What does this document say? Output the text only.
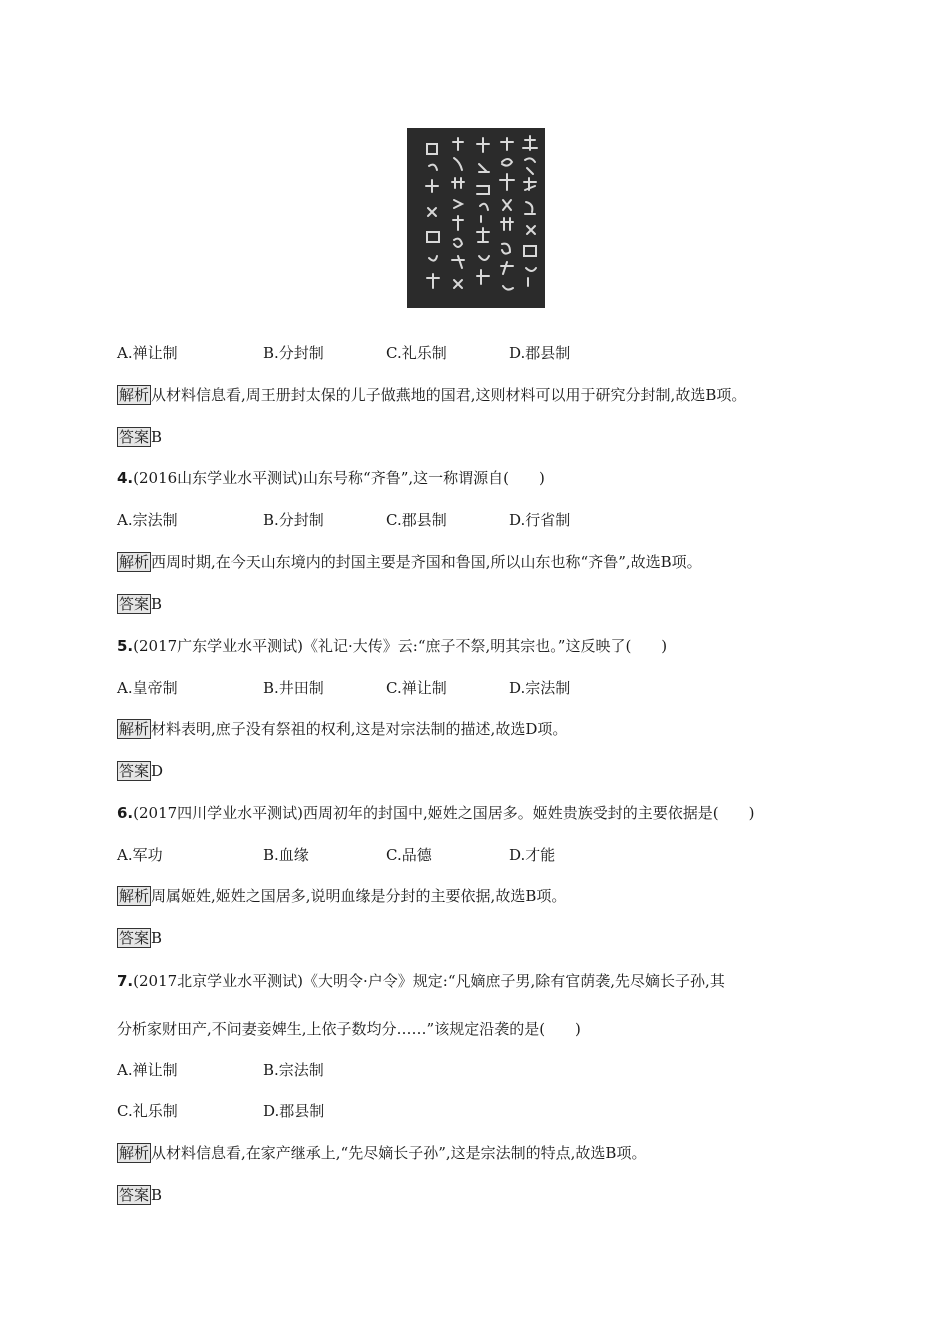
A.禅让制	B.分封制	C.礼乐制	D.郡县制
解析 从材料信息看,周王册封太保的儿子做燕地的国君,这则材料可以用于研究分封制,故选B项。
答案 B
4.(2016山东学业水平测试)山东号称“齐鲁”,这一称谓源自(　　)
A.宗法制	B.分封制	C.郡县制	D.行省制
解析 西周时期,在今天山东境内的封国主要是齐国和鲁国,所以山东也称“齐鲁”,故选B项。
答案 B
5.(2017广东学业水平测试)《礼记·大传》云:“庶子不祭,明其宗也。”这反映了(　　)
A.皇帝制	B.井田制	C.禅让制	D.宗法制
解析 材料表明,庶子没有祭祖的权利,这是对宗法制的描述,故选D项。
答案 D
6.(2017四川学业水平测试)西周初年的封国中,姬姓之国居多。姬姓贵族受封的主要依据是(　　)
A.军功	B.血缘	C.品德	D.才能
解析 周属姬姓,姬姓之国居多,说明血缘是分封的主要依据,故选B项。
答案 B
7.(2017北京学业水平测试)《大明令·户令》规定:“凡嫡庶子男,除有官荫袭,先尽嫡长子孙,其
分析家财田产,不问妻妾婢生,上依子数均分……”该规定沿袭的是(　　)
A.禅让制	B.宗法制
C.礼乐制	D.郡县制
解析 从材料信息看,在家产继承上,“先尽嫡长子孙”,这是宗法制的特点,故选B项。
答案 B
